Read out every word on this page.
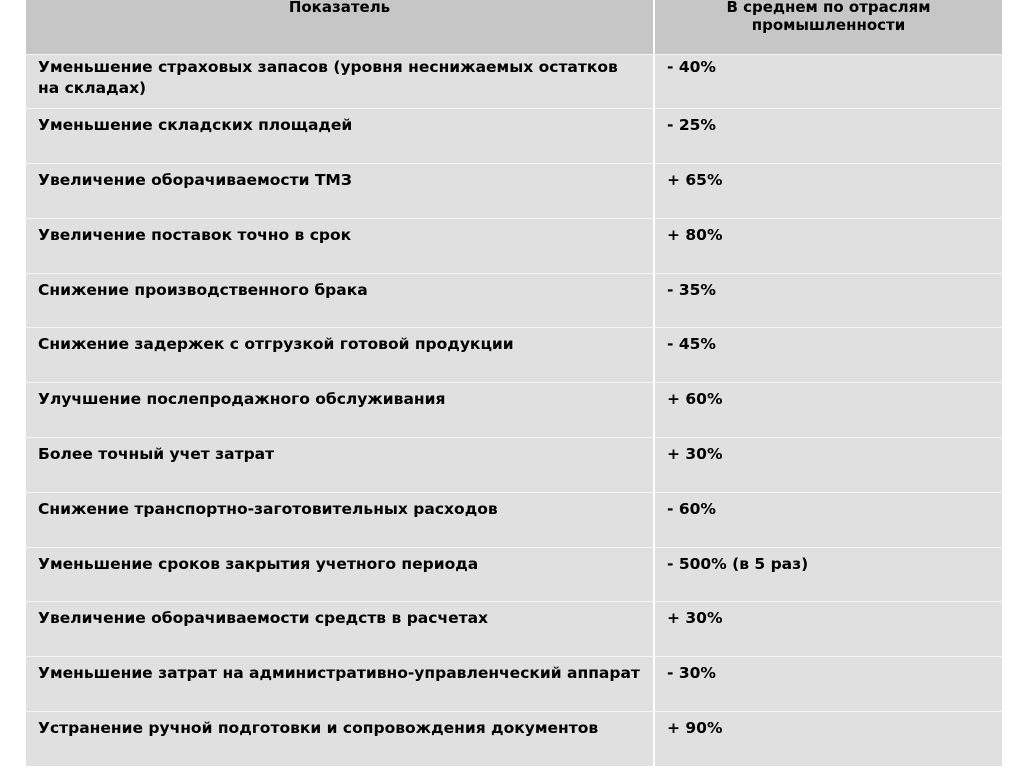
Показатель	В среднем по отраслям промышленности
Уменьшение страховых запасов (уровня неснижаемых остатков на складах)	- 40%
Уменьшение складских площадей	- 25%
Увеличение оборачиваемости ТМЗ	+ 65%
Увеличение поставок точно в срок	+ 80%
Снижение производственного брака	- 35%
Снижение задержек с отгрузкой готовой продукции	- 45%
Улучшение послепродажного обслуживания	+ 60%
Более точный учет затрат	+ 30%
Снижение транспортно-заготовительных расходов	- 60%
Уменьшение сроков закрытия учетного периода	- 500% (в 5 раз)
Увеличение оборачиваемости средств в расчетах	+ 30%
Уменьшение затрат на административно-управленческий аппарат	- 30%
Устранение ручной подготовки и сопровождения документов	+ 90%
